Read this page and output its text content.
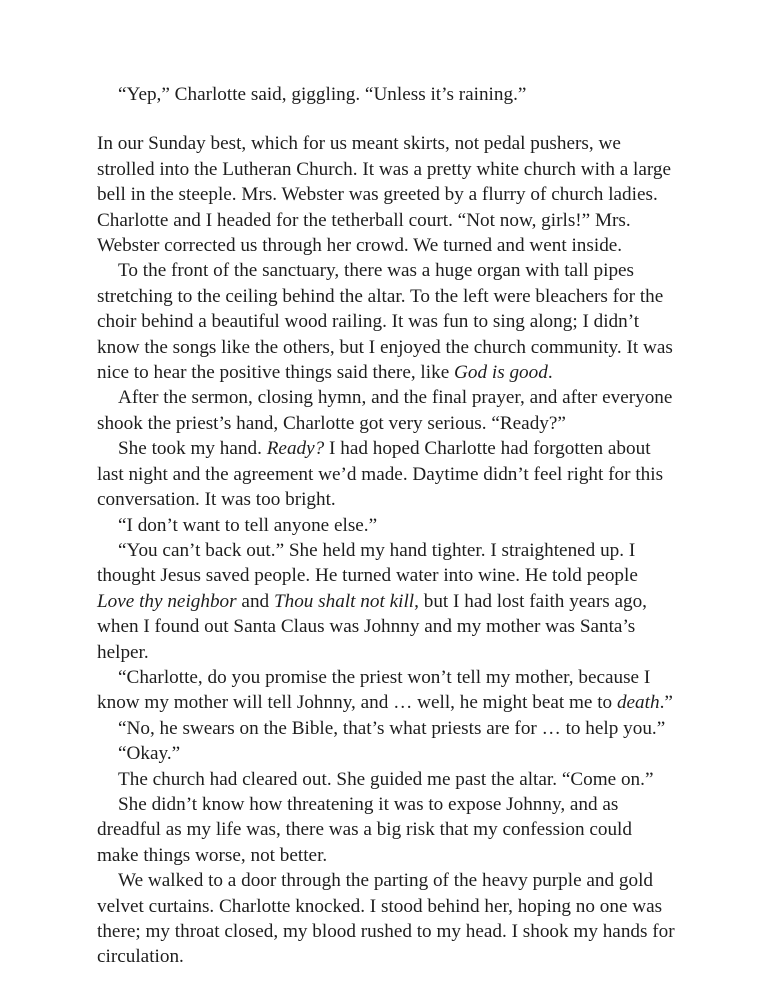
“Yep,” Charlotte said, giggling. “Unless it’s raining.”

In our Sunday best, which for us meant skirts, not pedal pushers, we strolled into the Lutheran Church. It was a pretty white church with a large bell in the steeple. Mrs. Webster was greeted by a flurry of church ladies. Charlotte and I headed for the tetherball court. “Not now, girls!” Mrs. Webster corrected us through her crowd. We turned and went inside.

To the front of the sanctuary, there was a huge organ with tall pipes stretching to the ceiling behind the altar. To the left were bleachers for the choir behind a beautiful wood railing. It was fun to sing along; I didn’t know the songs like the others, but I enjoyed the church community. It was nice to hear the positive things said there, like God is good.

After the sermon, closing hymn, and the final prayer, and after everyone shook the priest’s hand, Charlotte got very serious. “Ready?”

She took my hand. Ready? I had hoped Charlotte had forgotten about last night and the agreement we’d made. Daytime didn’t feel right for this conversation. It was too bright.

“I don’t want to tell anyone else.”

“You can’t back out.” She held my hand tighter. I straightened up. I thought Jesus saved people. He turned water into wine. He told people Love thy neighbor and Thou shalt not kill, but I had lost faith years ago, when I found out Santa Claus was Johnny and my mother was Santa’s helper.

“Charlotte, do you promise the priest won’t tell my mother, because I know my mother will tell Johnny, and … well, he might beat me to death.”

“No, he swears on the Bible, that’s what priests are for … to help you.”

“Okay.”

The church had cleared out. She guided me past the altar. “Come on.”

She didn’t know how threatening it was to expose Johnny, and as dreadful as my life was, there was a big risk that my confession could make things worse, not better.

We walked to a door through the parting of the heavy purple and gold velvet curtains. Charlotte knocked. I stood behind her, hoping no one was there; my throat closed, my blood rushed to my head. I shook my hands for circulation.
